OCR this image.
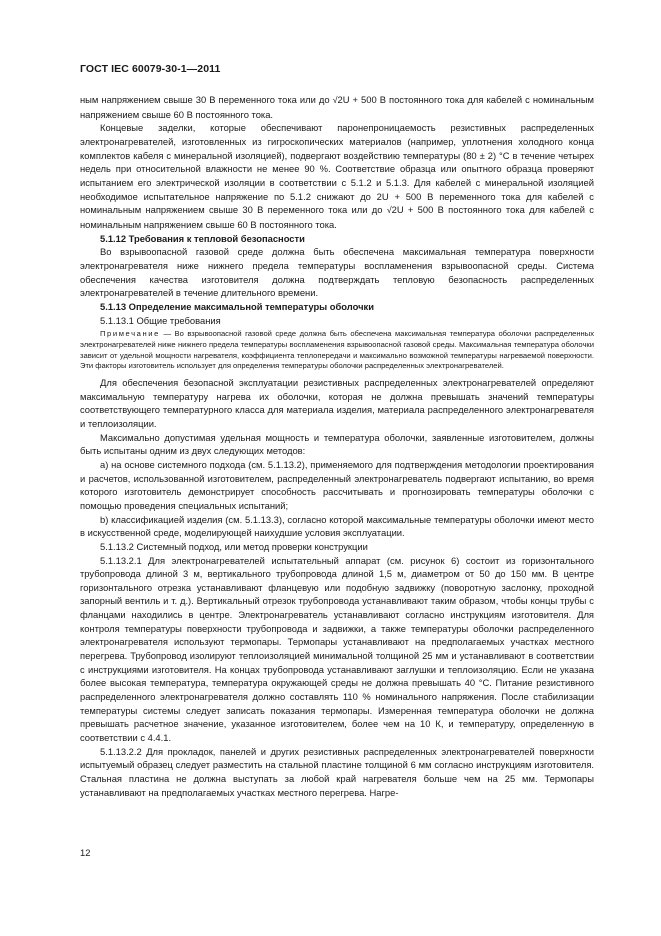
ГОСТ IEC 60079-30-1—2011

ным напряжением свыше 30 В переменного тока или до √2U + 500 В постоянного тока для кабелей с номинальным напряжением свыше 60 В постоянного тока.

Концевые заделки, которые обеспечивают паронепроницаемость резистивных распределенных электронагревателей, изготовленных из гигроскопических материалов (например, уплотнения холодного конца комплектов кабеля с минеральной изоляцией), подвергают воздействию температуры (80 ± 2) °С в течение четырех недель при относительной влажности не менее 90 %. Соответствие образца или опытного образца проверяют испытанием его электрической изоляции в соответствии с 5.1.2 и 5.1.3. Для кабелей с минеральной изоляцией необходимое испытательное напряжение по 5.1.2 снижают до 2U + 500 В переменного тока для кабелей с номинальным напряжением свыше 30 В переменного тока или до √2U + 500 В постоянного тока для кабелей с номинальным напряжением свыше 60 В постоянного тока.

5.1.12 Требования к тепловой безопасности

Во взрывоопасной газовой среде должна быть обеспечена максимальная температура поверхности электронагревателя ниже нижнего предела температуры воспламенения взрывоопасной среды. Система обеспечения качества изготовителя должна подтверждать тепловую безопасность распределенных электронагревателей в течение длительного времени.

5.1.13 Определение максимальной температуры оболочки

5.1.13.1 Общие требования

Примечание — Во взрывоопасной газовой среде должна быть обеспечена максимальная температура оболочки распределенных электронагревателей ниже нижнего предела температуры воспламенения взрывоопасной газовой среды. Максимальная температура оболочки зависит от удельной мощности нагревателя, коэффициента теплопередачи и максимально возможной температуры нагреваемой поверхности. Эти факторы изготовитель использует для определения температуры оболочки распределенных электронагревателей.

Для обеспечения безопасной эксплуатации резистивных распределенных электронагревателей определяют максимальную температуру нагрева их оболочки, которая не должна превышать значений температуры соответствующего температурного класса для материала изделия, материала распределенного электронагревателя и теплоизоляции.

Максимально допустимая удельная мощность и температура оболочки, заявленные изготовителем, должны быть испытаны одним из двух следующих методов:

а) на основе системного подхода (см. 5.1.13.2), применяемого для подтверждения методологии проектирования и расчетов, использованной изготовителем, распределенный электронагреватель подвергают испытанию, во время которого изготовитель демонстрирует способность рассчитывать и прогнозировать температуры оболочки с помощью проведения специальных испытаний;

b) классификацией изделия (см. 5.1.13.3), согласно которой максимальные температуры оболочки имеют место в искусственной среде, моделирующей наихудшие условия эксплуатации.

5.1.13.2 Системный подход, или метод проверки конструкции

5.1.13.2.1 Для электронагревателей испытательный аппарат (см. рисунок 6) состоит из горизонтального трубопровода длиной 3 м, вертикального трубопровода длиной 1,5 м, диаметром от 50 до 150 мм. В центре горизонтального отрезка устанавливают фланцевую или подобную задвижку (поворотную заслонку, проходной запорный вентиль и т. д.). Вертикальный отрезок трубопровода устанавливают таким образом, чтобы концы трубы с фланцами находились в центре. Электронагреватель устанавливают согласно инструкциям изготовителя. Для контроля температуры поверхности трубопровода и задвижки, а также температуры оболочки распределенного электронагревателя используют термопары. Термопары устанавливают на предполагаемых участках местного перегрева. Трубопровод изолируют теплоизоляцией минимальной толщиной 25 мм и устанавливают в соответствии с инструкциями изготовителя. На концах трубопровода устанавливают заглушки и теплоизоляцию. Если не указана более высокая температура, температура окружающей среды не должна превышать 40 °С. Питание резистивного распределенного электронагревателя должно составлять 110 % номинального напряжения. После стабилизации температуры системы следует записать показания термопары. Измеренная температура оболочки не должна превышать расчетное значение, указанное изготовителем, более чем на 10 К, и температуру, определенную в соответствии с 4.4.1.

5.1.13.2.2 Для прокладок, панелей и других резистивных распределенных электронагревателей поверхности испытуемый образец следует разместить на стальной пластине толщиной 6 мм согласно инструкциям изготовителя. Стальная пластина не должна выступать за любой край нагревателя больше чем на 25 мм. Термопары устанавливают на предполагаемых участках местного перегрева. Нагре-

12
